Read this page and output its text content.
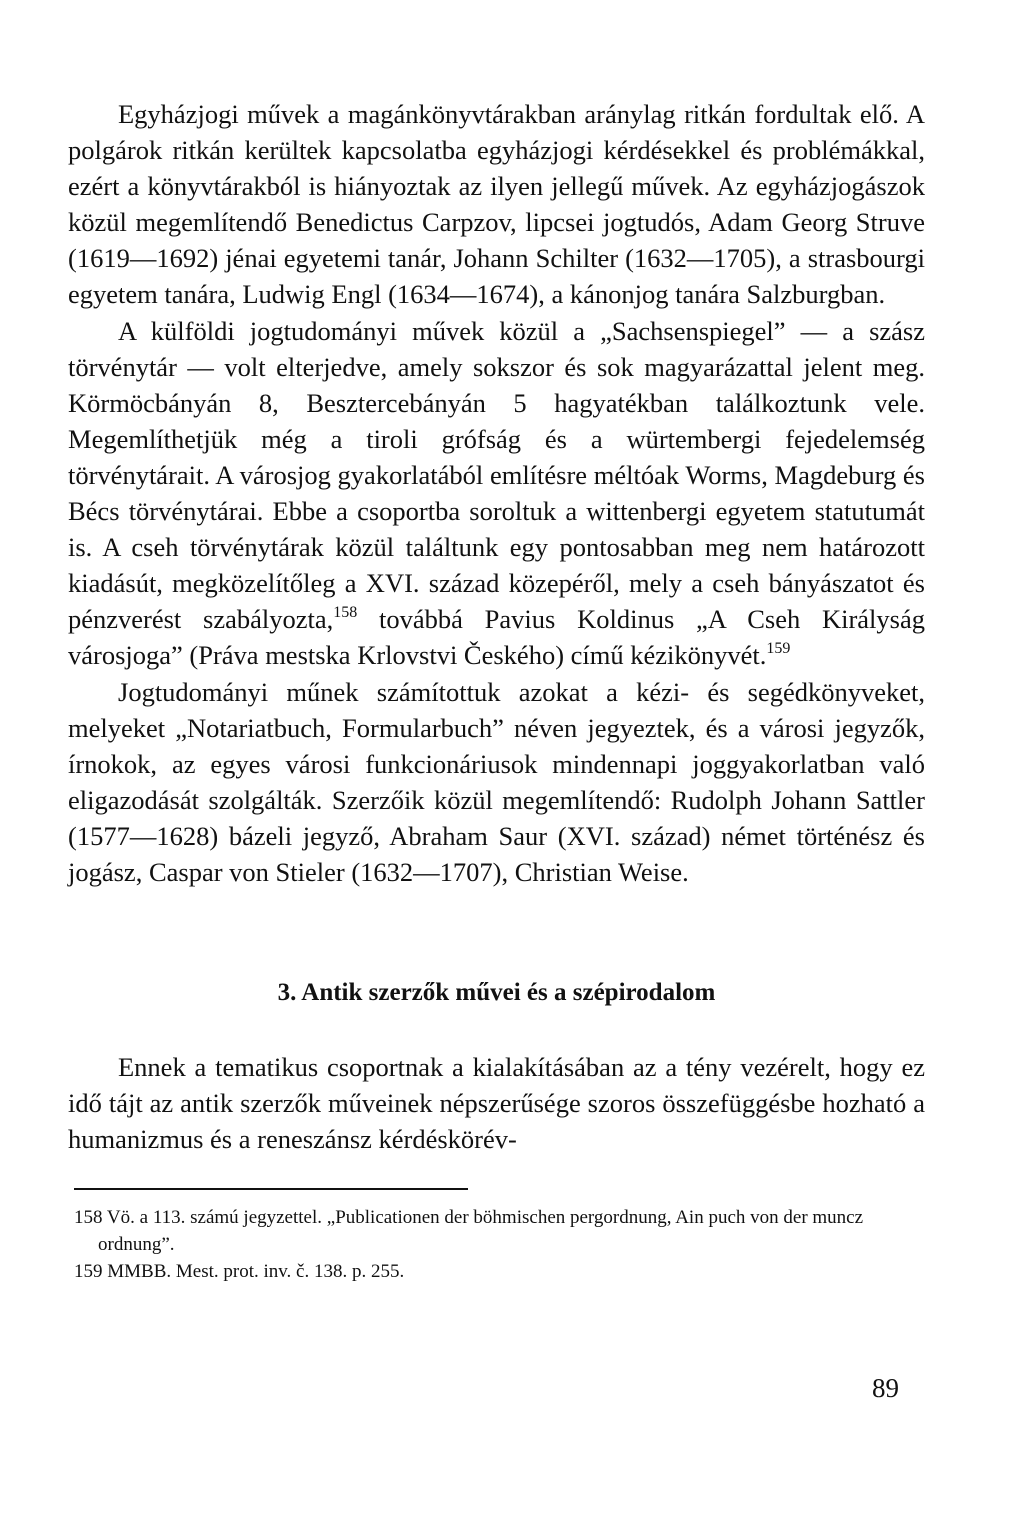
Egyházjogi művek a magánkönyvtárakban aránylag ritkán fordultak elő. A polgárok ritkán kerültek kapcsolatba egyházjogi kérdésekkel és problémákkal, ezért a könyvtárakból is hiányoztak az ilyen jellegű művek. Az egyházjogászok közül megemlítendő Benedictus Carpzov, lipcsei jogtudós, Adam Georg Struve (1619—1692) jénai egyetemi tanár, Johann Schilter (1632—1705), a strasbourgi egyetem tanára, Ludwig Engl (1634—1674), a kánonjog tanára Salzburgban.

A külföldi jogtudományi művek közül a „Sachsenspiegel” — a szász törvénytár — volt elterjedve, amely sokszor és sok magyarázattal jelent meg. Körmöcbányán 8, Besztercebányán 5 hagyatékban találkoztunk vele. Megemlíthetjük még a tiroli grófság és a würtembergi fejedelemség törvénytárait. A városjog gyakorlatából említésre méltóak Worms, Magdeburg és Bécs törvénytárai. Ebbe a csoportba soroltuk a wittenbergi egyetem statutumát is. A cseh törvénytárak közül találtunk egy pontosabban meg nem határozott kiadásút, megközelítőleg a XVI. század közepéről, mely a cseh bányászatot és pénzverést szabályozta,$^{158}$ továbbá Pavius Koldinus „A Cseh Királyság városjoga” (Práva mestska Krlovstvi Českého) című kézikönyvét.$^{159}$

Jogtudományi műnek számítottuk azokat a kézi- és segédkönyveket, melyeket „Notariatbuch, Formularbuch” néven jegyeztek, és a városi jegyzők, írnokok, az egyes városi funkcionáriusok mindennapi joggyakorlatban való eligazodását szolgálták. Szerzőik közül megemlítendő: Rudolph Johann Sattler (1577—1628) bázeli jegyző, Abraham Saur (XVI. század) német történész és jogász, Caspar von Stieler (1632—1707), Christian Weise.

3. Antik szerzők művei és a szépirodalom

Ennek a tematikus csoportnak a kialakításában az a tény vezérelt, hogy ez idő tájt az antik szerzők műveinek népszerűsége szoros összefüggésbe hozható a humanizmus és a reneszánsz kérdéskörév-

158 Vö. a 113. számú jegyzettel. „Publicationen der böhmischen pergordnung, Ain puch von der muncz ordnung”.

159 MMBB. Mest. prot. inv. č. 138. p. 255.

89
